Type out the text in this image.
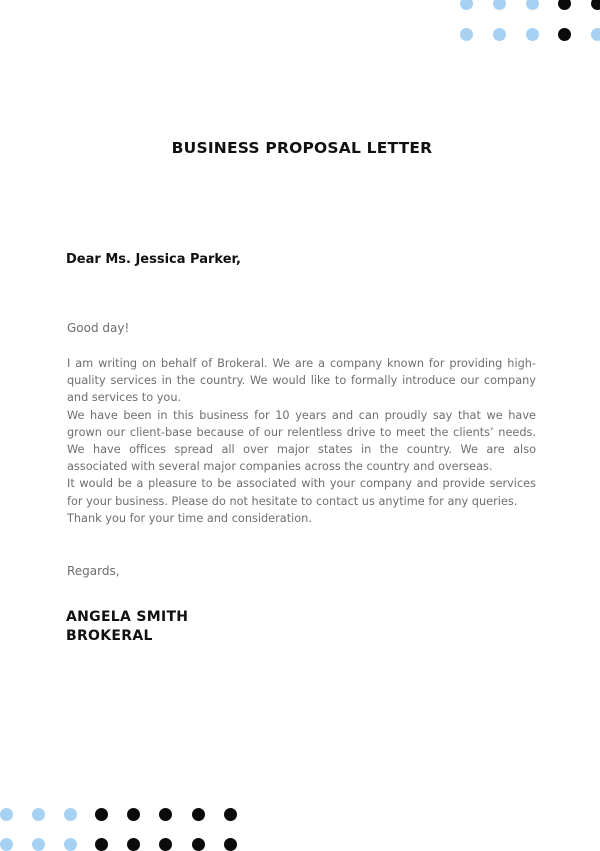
BUSINESS PROPOSAL LETTER
Dear Ms. Jessica Parker,
Good day!

I am writing on behalf of Brokeral. We are a company known for providing high-quality services in the country. We would like to formally introduce our company and services to you.

We have been in this business for 10 years and can proudly say that we have grown our client-base because of our relentless drive to meet the clients’ needs. We have offices spread all over major states in the country. We are also associated with several major companies across the country and overseas.

It would be a pleasure to be associated with your company and provide services for your business. Please do not hesitate to contact us anytime for any queries.

Thank you for your time and consideration.

Regards,
ANGELA SMITH
BROKERAL
